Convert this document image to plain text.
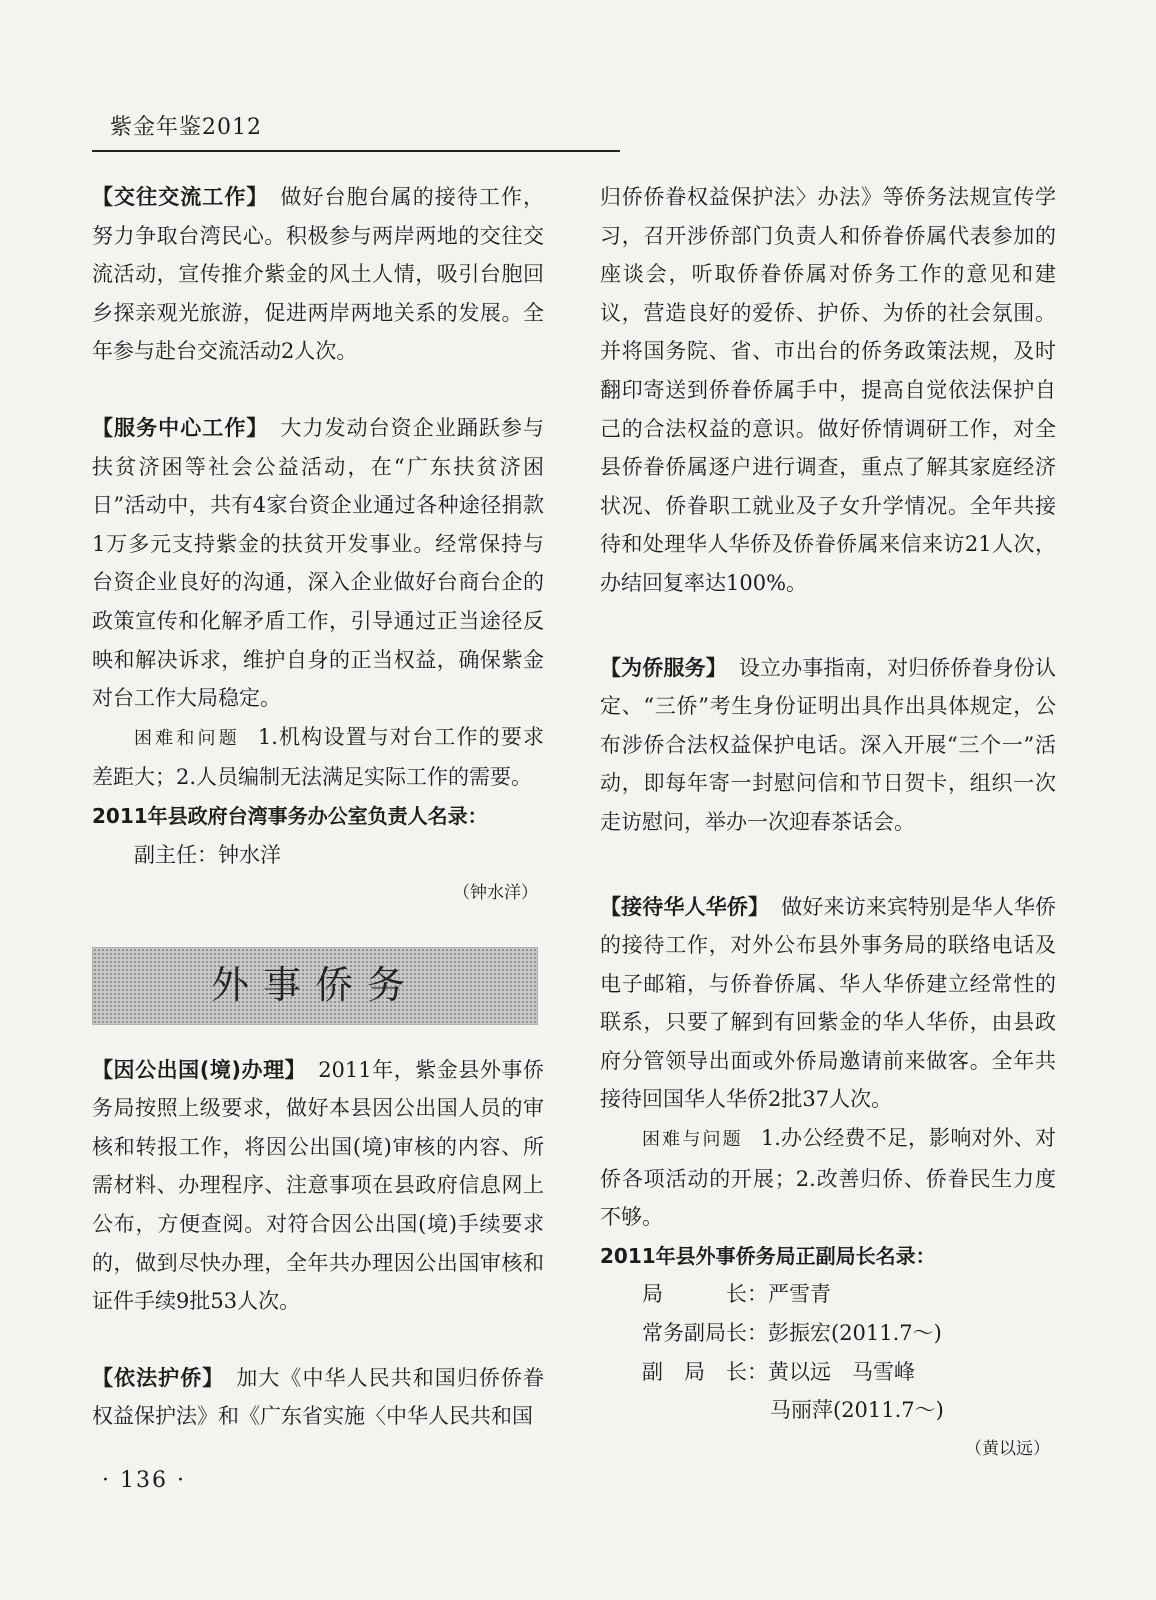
紫金年鉴2012

【交往交流工作】 做好台胞台属的接待工作，努力争取台湾民心。积极参与两岸两地的交往交流活动，宣传推介紫金的风土人情，吸引台胞回乡探亲观光旅游，促进两岸两地关系的发展。全年参与赴台交流活动2人次。

【服务中心工作】 大力发动台资企业踊跃参与扶贫济困等社会公益活动，在“广东扶贫济困日”活动中，共有4家台资企业通过各种途径捐款1万多元支持紫金的扶贫开发事业。经常保持与台资企业良好的沟通，深入企业做好台商台企的政策宣传和化解矛盾工作，引导通过正当途径反映和解决诉求，维护自身的正当权益，确保紫金对台工作大局稳定。

困难和问题 1.机构设置与对台工作的要求差距大；2.人员编制无法满足实际工作的需要。

2011年县政府台湾事务办公室负责人名录：
副主任：钟水洋
（钟水洋）
外事侨务

【因公出国(境)办理】 2011年，紫金县外事侨务局按照上级要求，做好本县因公出国人员的审核和转报工作，将因公出国(境)审核的内容、所需材料、办理程序、注意事项在县政府信息网上公布，方便查阅。对符合因公出国(境)手续要求的，做到尽快办理，全年共办理因公出国审核和证件手续9批53人次。

【依法护侨】 加大《中华人民共和国归侨侨眷权益保护法》和《广东省实施〈中华人民共和国

归侨侨眷权益保护法〉办法》等侨务法规宣传学习，召开涉侨部门负责人和侨眷侨属代表参加的座谈会，听取侨眷侨属对侨务工作的意见和建议，营造良好的爱侨、护侨、为侨的社会氛围。并将国务院、省、市出台的侨务政策法规，及时翻印寄送到侨眷侨属手中，提高自觉依法保护自己的合法权益的意识。做好侨情调研工作，对全县侨眷侨属逐户进行调查，重点了解其家庭经济状况、侨眷职工就业及子女升学情况。全年共接待和处理华人华侨及侨眷侨属来信来访21人次，办结回复率达100%。

【为侨服务】 设立办事指南，对归侨侨眷身份认定、“三侨”考生身份证明出具作出具体规定，公布涉侨合法权益保护电话。深入开展“三个一”活动，即每年寄一封慰问信和节日贺卡，组织一次走访慰问，举办一次迎春茶话会。

【接待华人华侨】 做好来访来宾特别是华人华侨的接待工作，对外公布县外事务局的联络电话及电子邮箱，与侨眷侨属、华人华侨建立经常性的联系，只要了解到有回紫金的华人华侨，由县政府分管领导出面或外侨局邀请前来做客。全年共接待回国华人华侨2批37人次。

困难与问题 1.办公经费不足，影响对外、对侨各项活动的开展；2.改善归侨、侨眷民生力度不够。

2011年县外事侨务局正副局长名录：
局　　　长：严雪青
常务副局长：彭振宏(2011.7～)
副　局　长：黄以远　马雪峰
马丽萍(2011.7～)
（黄以远）
· 136 ·
